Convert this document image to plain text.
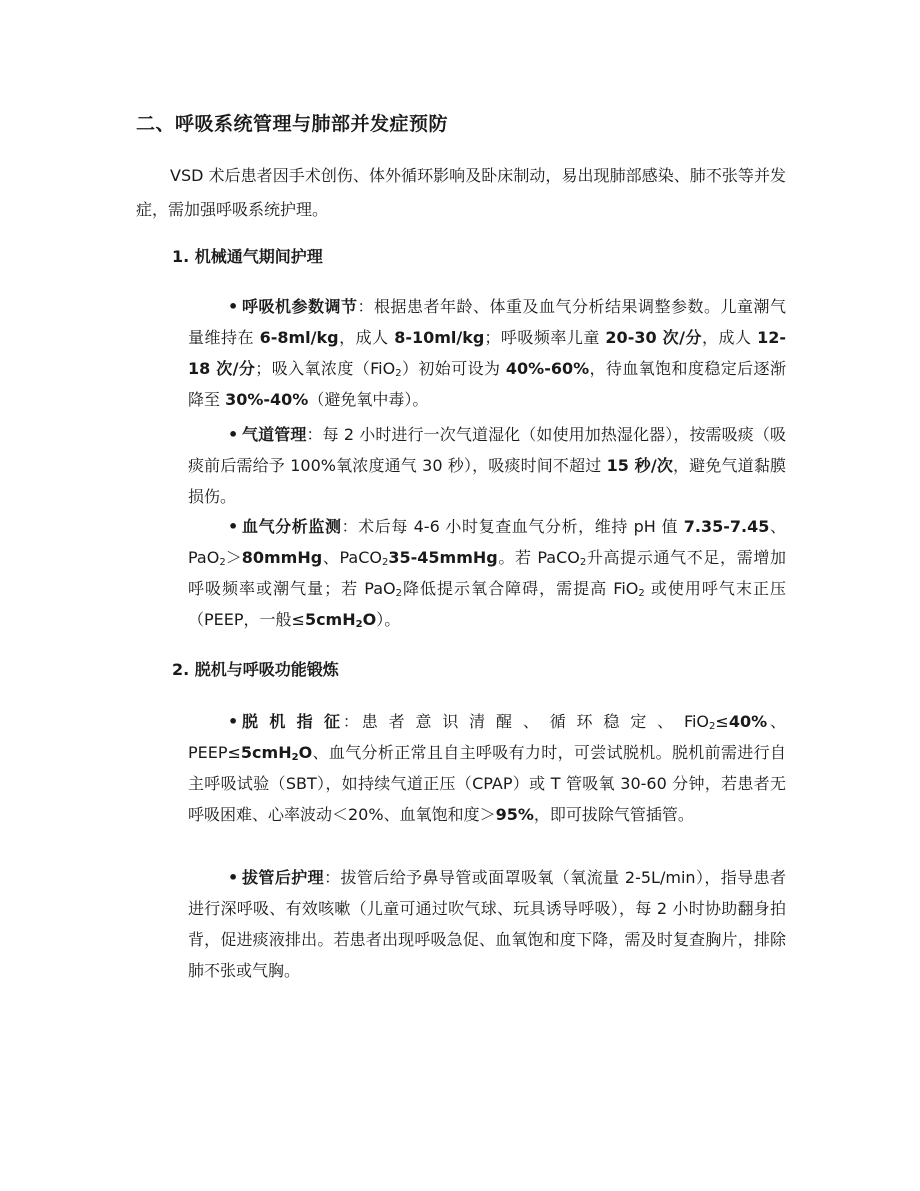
二、呼吸系统管理与肺部并发症预防
VSD 术后患者因手术创伤、体外循环影响及卧床制动，易出现肺部感染、肺不张等并发症，需加强呼吸系统护理。
1. 机械通气期间护理
• 呼吸机参数调节：根据患者年龄、体重及血气分析结果调整参数。儿童潮气量维持在 6-8ml/kg，成人 8-10ml/kg；呼吸频率儿童 20-30 次/分，成人 12-18 次/分；吸入氧浓度（FiO$_2$）初始可设为 40%-60%，待血氧饱和度稳定后逐渐降至 30%-40%（避免氧中毒）。
• 气道管理：每 2 小时进行一次气道湿化（如使用加热湿化器），按需吸痰（吸痰前后需给予 100%氧浓度通气 30 秒），吸痰时间不超过 15 秒/次，避免气道黏膜损伤。
• 血气分析监测：术后每 4-6 小时复查血气分析，维持 pH 值 7.35-7.45、PaO$_2$＞80mmHg、PaCO$_2$35-45mmHg。若 PaCO$_2$升高提示通气不足，需增加呼吸频率或潮气量；若 PaO$_2$降低提示氧合障碍，需提高 FiO$_2$ 或使用呼气末正压（PEEP，一般≤5cmH$_2$O）。
2. 脱机与呼吸功能锻炼
• 脱 机 指 征：患 者 意 识 清 醒 、 循 环 稳 定 、 FiO$_2$≤40%、PEEP≤5cmH$_2$O、血气分析正常且自主呼吸有力时，可尝试脱机。脱机前需进行自主呼吸试验（SBT），如持续气道正压（CPAP）或 T 管吸氧 30-60 分钟，若患者无呼吸困难、心率波动＜20%、血氧饱和度＞95%，即可拔除气管插管。
• 拔管后护理：拔管后给予鼻导管或面罩吸氧（氧流量 2-5L/min），指导患者进行深呼吸、有效咳嗽（儿童可通过吹气球、玩具诱导呼吸），每 2 小时协助翻身拍背，促进痰液排出。若患者出现呼吸急促、血氧饱和度下降，需及时复查胸片，排除肺不张或气胸。
